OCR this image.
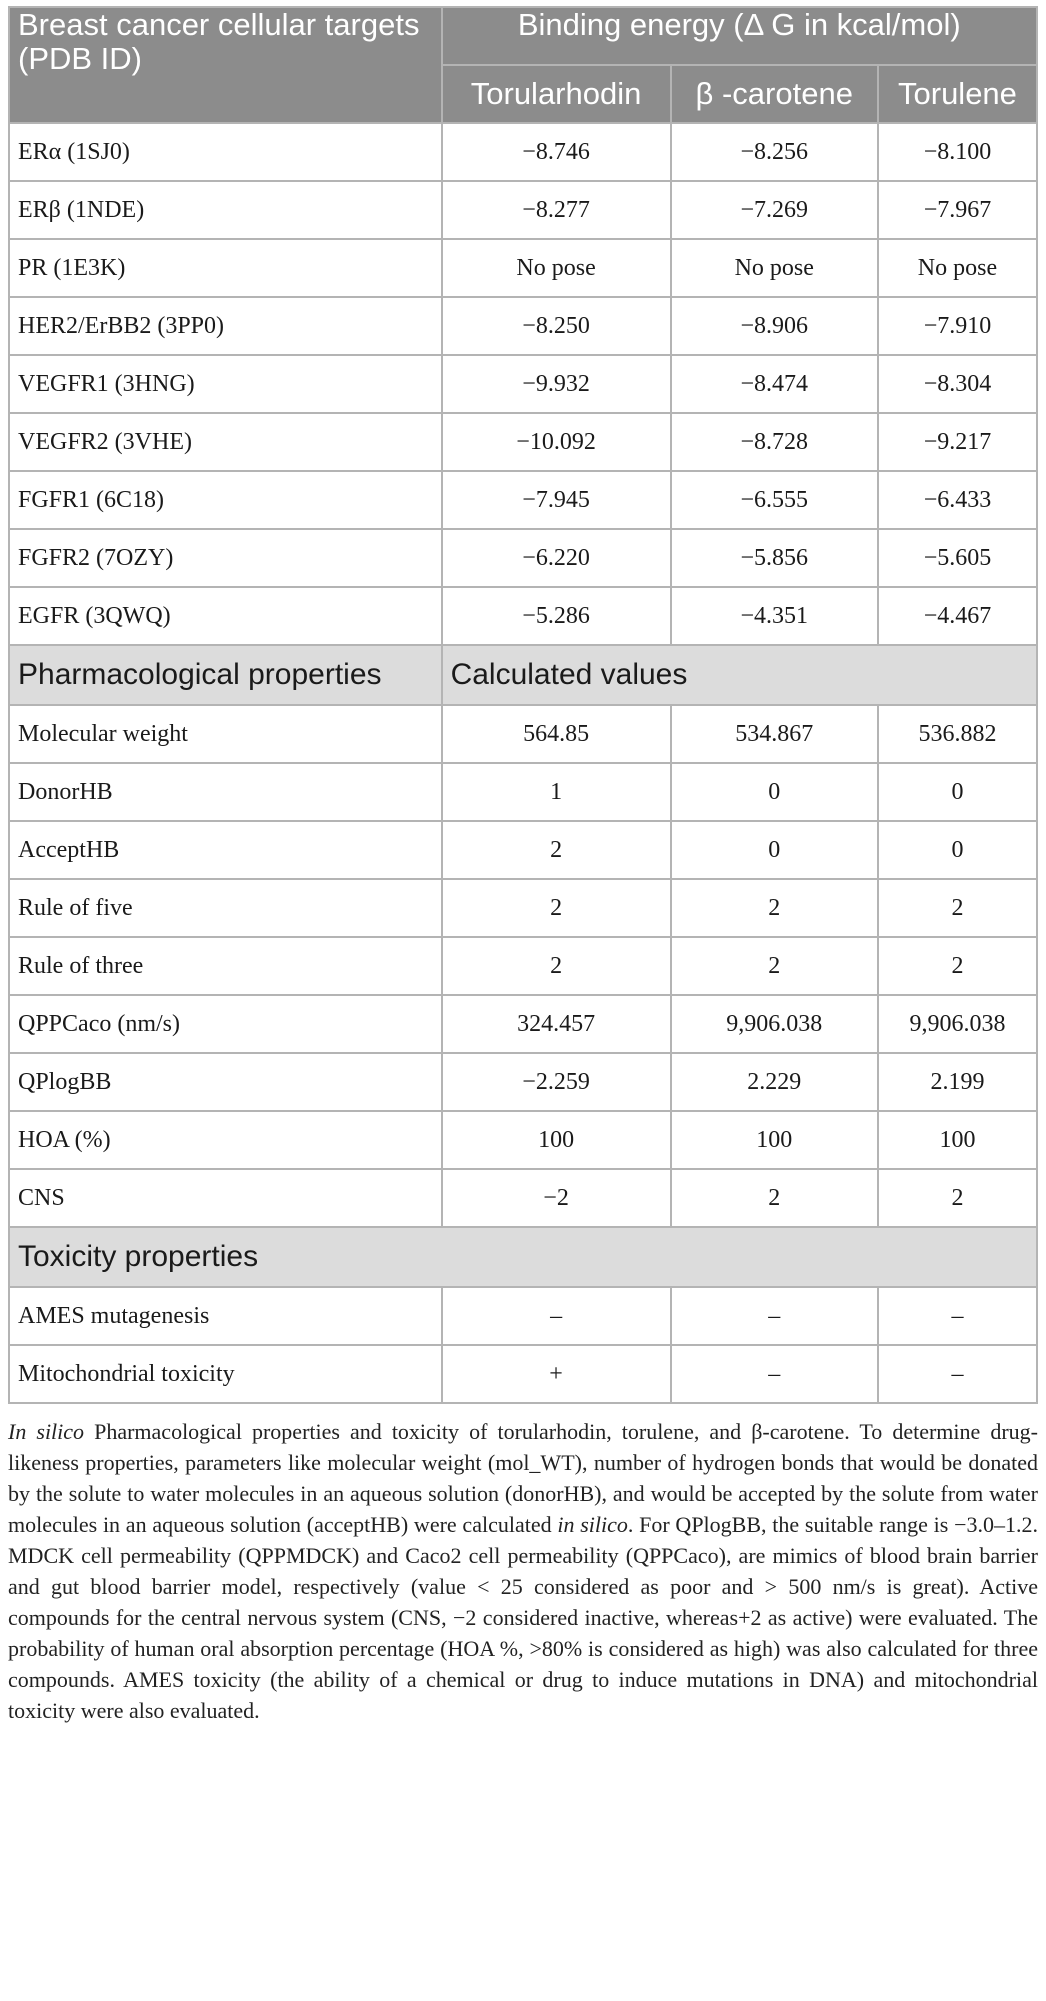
Breast cancer cellular targets (PDB ID)	Binding energy (Δ G in kcal/mol)		
	Torularhodin	β -carotene	Torulene
ERα (1SJ0)	−8.746	−8.256	−8.100
ERβ (1NDE)	−8.277	−7.269	−7.967
PR (1E3K)	No pose	No pose	No pose
HER2/ErBB2 (3PP0)	−8.250	−8.906	−7.910
VEGFR1 (3HNG)	−9.932	−8.474	−8.304
VEGFR2 (3VHE)	−10.092	−8.728	−9.217
FGFR1 (6C18)	−7.945	−6.555	−6.433
FGFR2 (7OZY)	−6.220	−5.856	−5.605
EGFR (3QWQ)	−5.286	−4.351	−4.467
Pharmacological properties	Calculated values		
Molecular weight	564.85	534.867	536.882
DonorHB	1	0	0
AcceptHB	2	0	0
Rule of five	2	2	2
Rule of three	2	2	2
QPPCaco (nm/s)	324.457	9,906.038	9,906.038
QPlogBB	−2.259	2.229	2.199
HOA (%)	100	100	100
CNS	−2	2	2
Toxicity properties			
AMES mutagenesis	–	–	–
Mitochondrial toxicity	+	–	–

In silico Pharmacological properties and toxicity of torularhodin, torulene, and β-carotene. To determine drug-likeness properties, parameters like molecular weight (mol_WT), number of hydrogen bonds that would be donated by the solute to water molecules in an aqueous solution (donorHB), and would be accepted by the solute from water molecules in an aqueous solution (acceptHB) were calculated in silico. For QPlogBB, the suitable range is −3.0–1.2. MDCK cell permeability (QPPMDCK) and Caco2 cell permeability (QPPCaco), are mimics of blood brain barrier and gut blood barrier model, respectively (value < 25 considered as poor and > 500 nm/s is great). Active compounds for the central nervous system (CNS, −2 considered inactive, whereas+2 as active) were evaluated. The probability of human oral absorption percentage (HOA %, >80% is considered as high) was also calculated for three compounds. AMES toxicity (the ability of a chemical or drug to induce mutations in DNA) and mitochondrial toxicity were also evaluated.
